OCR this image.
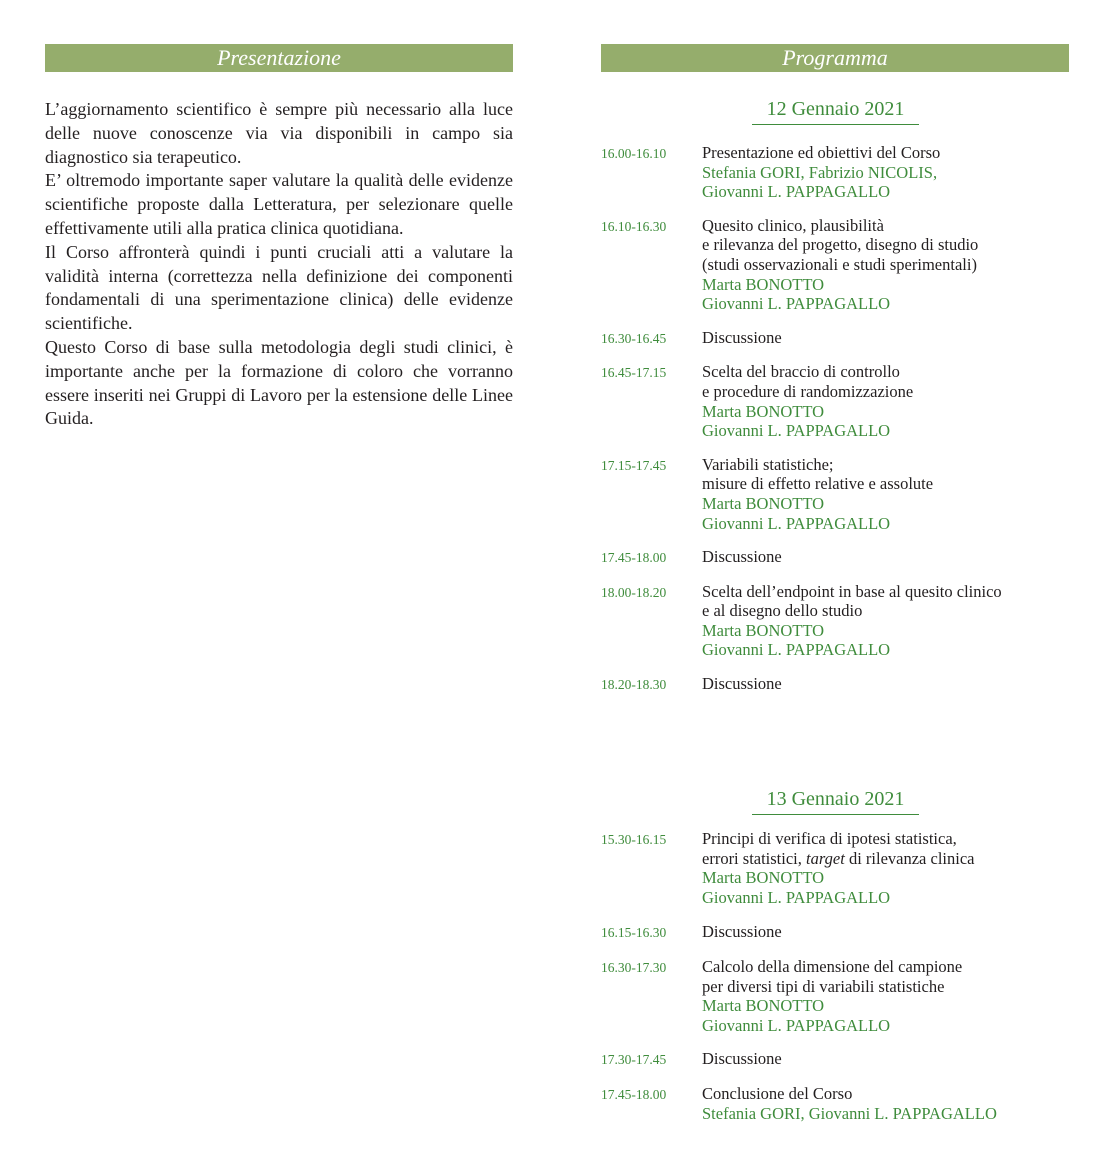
Presentazione	Programma

L’aggiornamento scientifico è sempre più necessario alla luce delle nuove conoscenze via via disponibili in campo sia diagnostico sia terapeutico.

E’ oltremodo importante saper valutare la qualità delle evidenze scientifiche proposte dalla Letteratura, per selezionare quelle effettivamente utili alla pratica clinica quotidiana.

Il Corso affronterà quindi i punti cruciali atti a valutare la validità interna (correttezza nella definizione dei componenti fondamentali di una sperimentazione clinica) delle evidenze scientifiche.

Questo Corso di base sulla metodologia degli studi clinici, è importante anche per la formazione di coloro che vorranno essere inseriti nei Gruppi di Lavoro per la estensione delle Linee Guida.

12 Gennaio 2021
16.00-16.10	Presentazione ed obiettivi del Corso
Stefania GORI, Fabrizio NICOLIS,
Giovanni L. PAPPAGALLO
16.10-16.30	Quesito clinico, plausibilità
e rilevanza del progetto, disegno di studio
(studi osservazionali e studi sperimentali)
Marta BONOTTO
Giovanni L. PAPPAGALLO
16.30-16.45	Discussione
16.45-17.15	Scelta del braccio di controllo
e procedure di randomizzazione
Marta BONOTTO
Giovanni L. PAPPAGALLO
17.15-17.45	Variabili statistiche;
misure di effetto relative e assolute
Marta BONOTTO
Giovanni L. PAPPAGALLO
17.45-18.00	Discussione
18.00-18.20	Scelta dell’endpoint in base al quesito clinico
e al disegno dello studio
Marta BONOTTO
Giovanni L. PAPPAGALLO
18.20-18.30	Discussione
13 Gennaio 2021
15.30-16.15	Principi di verifica di ipotesi statistica,
errori statistici, target di rilevanza clinica
Marta BONOTTO
Giovanni L. PAPPAGALLO
16.15-16.30	Discussione
16.30-17.30	Calcolo della dimensione del campione
per diversi tipi di variabili statistiche
Marta BONOTTO
Giovanni L. PAPPAGALLO
17.30-17.45	Discussione
17.45-18.00	Conclusione del Corso
Stefania GORI, Giovanni L. PAPPAGALLO
